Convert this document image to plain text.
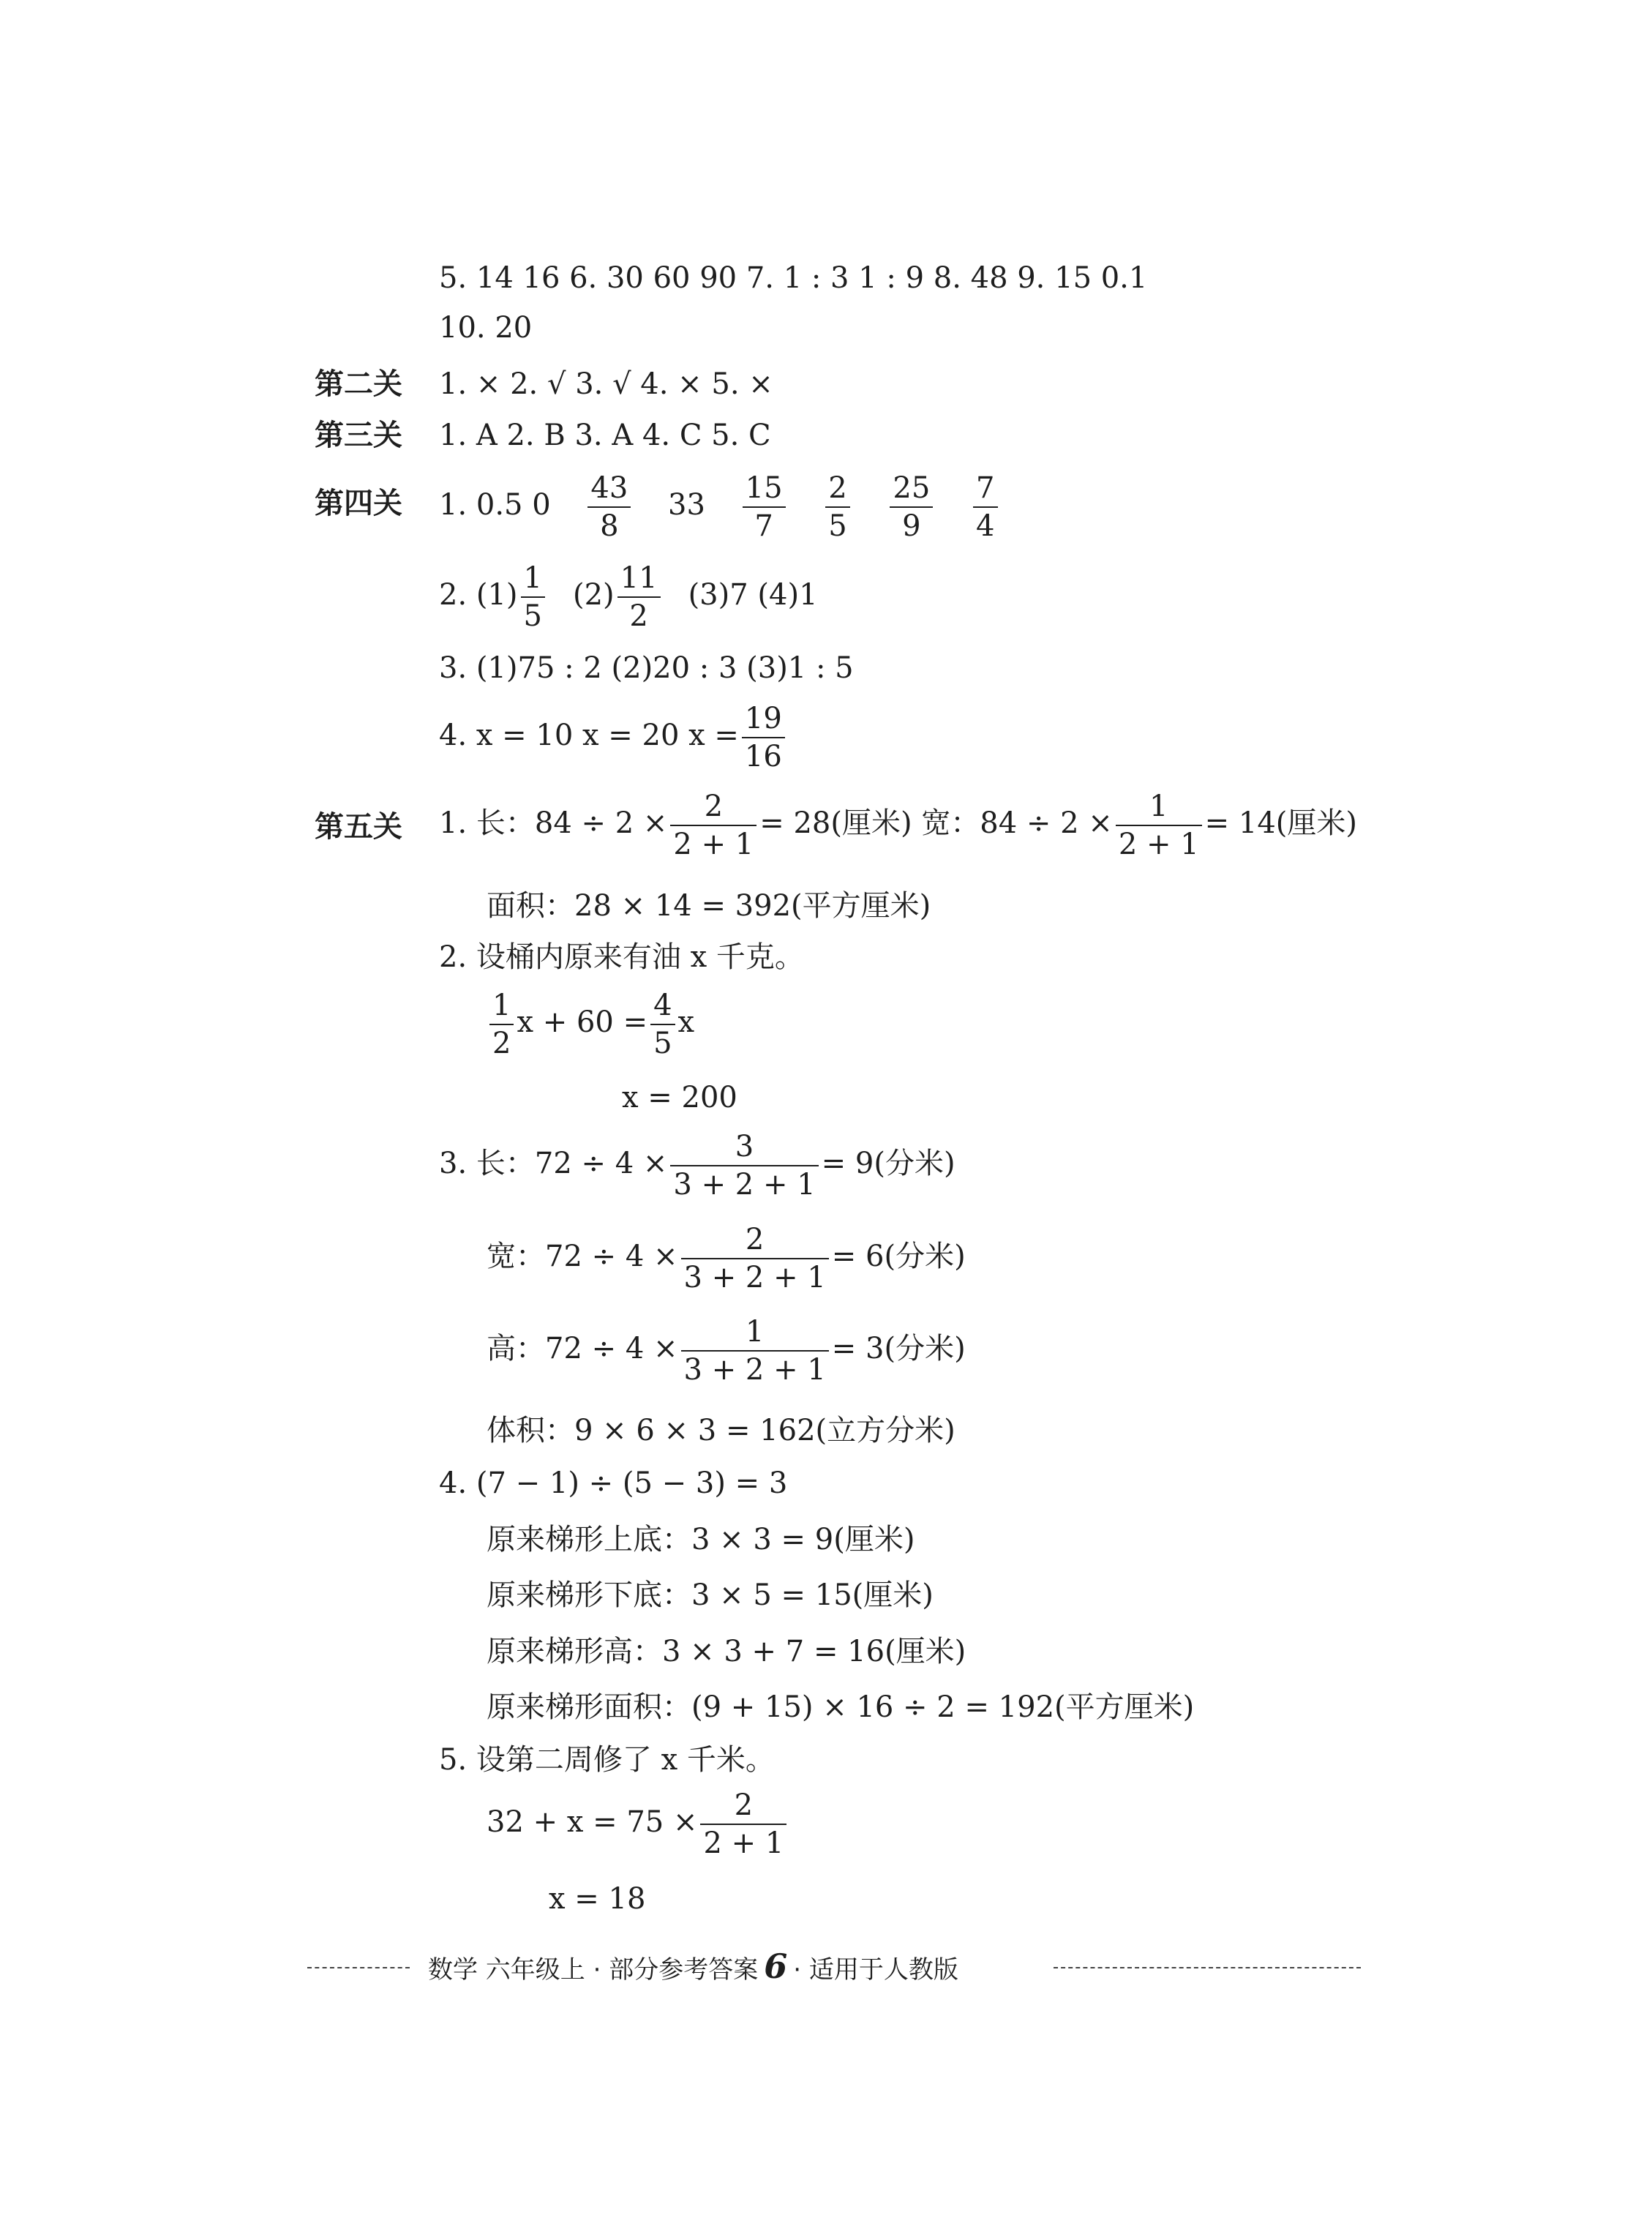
5. 14 16 6. 30 60 90 7. 1 : 3 1 : 9 8. 48 9. 15 0.1
10. 20
第二关 1. × 2. √ 3. √ 4. × 5. ×
第三关 1. A 2. B 3. A 4. C 5. C
第四关 1. 0.5 $0 \frac{43}{8} 33 \frac{15}{7}$
$\frac{2}{5}$
$\frac{25}{9}$
$\frac{7}{4}$
2. $(1) \frac{1}{5} (2) \frac{11}{2} (3)7$ (4)1
3. (1)75 : 2 (2)20 : 3 (3)1 : 5
4. x = 10 x = 20 $x = \frac{19}{16}$
第五关 1. 长：$84 \div 2 \times \frac{2}{2 + 1} = 28$(厘米) 宽：$84 \div 2 \times \frac{1}{2 + 1} = 14$(厘米)
面积：28 × 14 = 392(平方厘米)
2. 设桶内原来有油 x 千克。
$\frac{1}{2}$ $x + 60 = \frac{4}{5}$ x
x = 200
3. 长：$72 \div 4 \times \frac{3}{3 + 2 + 1} = 9$(分米)
宽：$72 \div 4 \times \frac{2}{3 + 2 + 1} = 6$(分米)
高：$72 \div 4 \times \frac{1}{3 + 2 + 1} = 3$(分米)
体积：9 × 6 × 3 = 162(立方分米)
4. (7 − 1) ÷ (5 − 3) = 3
原来梯形上底：3 × 3 = 9(厘米)
原来梯形下底：3 × 5 = 15(厘米)
原来梯形高：3 × 3 + 7 = 16(厘米)
原来梯形面积：(9 + 15) × 16 ÷ 2 = 192(平方厘米)
5. 设第二周修了 x 千米。
$32 + x = 75 \times \frac{2}{2 + 1}$
x = 18
数学 六年级上 · 部分参考答案 6 · 适用于人教版
